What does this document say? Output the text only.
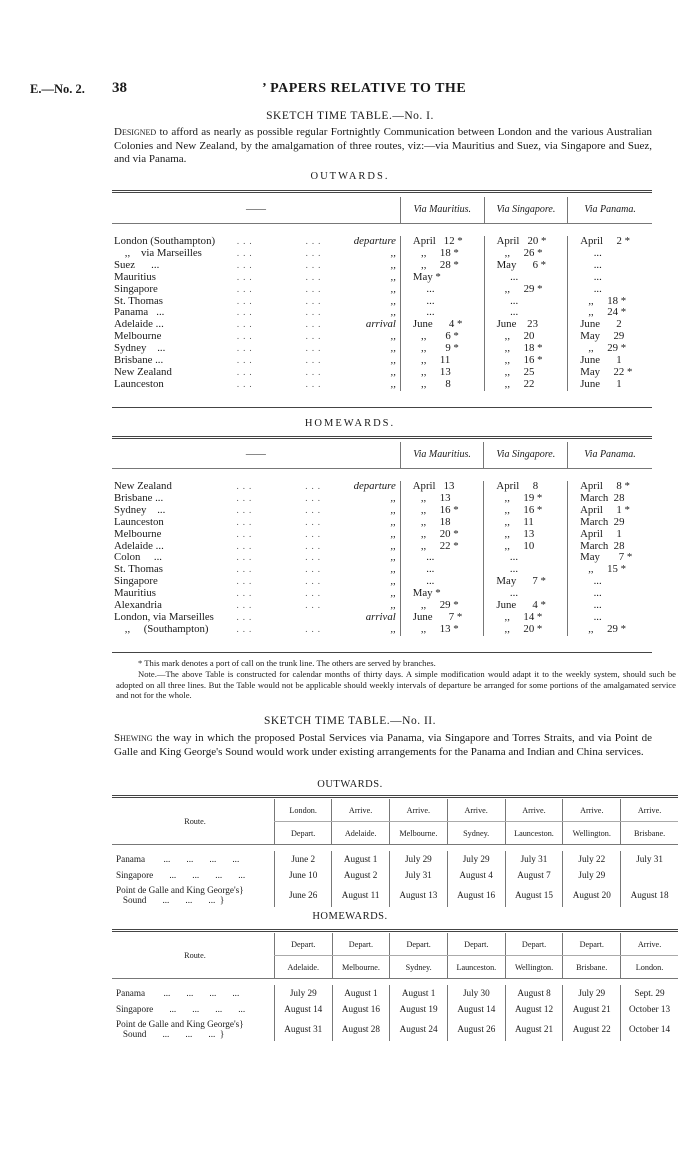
E.—No. 2. 38	’ PAPERS RELATIVE TO THE
SKETCH TIME TABLE.—No. I.
Designed to afford as nearly as possible regular Fortnightly Communication between London and the various Australian Colonies and New Zealand, by the amalgamation of three routes, viz:—via Mauritius and Suez, via Singapore and Suez, and via Panama.
OUTWARDS.
——			Via Mauritius.	Via Singapore.	Via Panama.

London (Southampton)	...        ...	departure	April   12 *	April   20 *	April     2 *
,,    via Marseilles	...        ...	,,	,,     18 *	,,     26 *	...
Suez      ...	...        ...	,,	,,     28 *	May      6 *	...
Mauritius	...        ...	,,	May *	...	...
Singapore	...        ...	,,	...	,,     29 *	...
St. Thomas	...        ...	,,	...	...	,,     18 *
Panama   ...	...        ...	,,	...	...	,,     24 *
Adelaide ...	...        ...	arrival	June      4 *	June    23	June      2
Melbourne	...        ...	,,	,,       6 *	,,     20	May     29
Sydney    ...	...        ...	,,	,,       9 *	,,     18 *	,,     29 *
Brisbane ...	...        ...	,,	,,     11	,,     16 *	June      1
New Zealand	...        ...	,,	,,     13	,,     25	May     22 *
Launceston	...        ...	,,	,,       8	,,     22	June      1
HOMEWARDS.
——			Via Mauritius.	Via Singapore.	Via Panama.

New Zealand	...        ...	departure	April   13	April     8	April     8 *
Brisbane ...	...        ...	,,	,,     13	,,     19 *	March  28
Sydney    ...	...        ...	,,	,,     16 *	,,     16 *	April     1 *
Launceston	...        ...	,,	,,     18	,,     11	March  29
Melbourne	...        ...	,,	,,     20 *	,,     13	April     1
Adelaide ...	...        ...	,,	,,     22 *	,,     10	March  28
Colon     ...	...        ...	,,	...	...	May       7 *
St. Thomas	...        ...	,,	...	...	,,     15 *
Singapore	...        ...	,,	...	May      7 *	...
Mauritius	...        ...	,,	May *	...	...
Alexandria	...        ...	,,	,,     29 *	June      4 *	...
London, via Marseilles	...	arrival	June      7 *	,,     14 *	...
,,     (Southampton)	...        ...	,,	,,     13 *	,,     20 *	,,     29 *
* This mark denotes a port of call on the trunk line. The others are served by branches.
Note.—The above Table is constructed for calendar months of thirty days. A simple modification would adapt it to the weekly system, should such be adopted on all three lines. But the Table would not be applicable should weekly intervals of departure be arranged for some portions of the amalgamated service and not for the whole.
SKETCH TIME TABLE.—No. II.
Shewing the way in which the proposed Postal Services via Panama, via Singapore and Torres Straits, and via Point de Galle and King George's Sound would work under existing arrangements for the Panama and Indian and China services.
OUTWARDS.
Route.	London.	Arrive.	Arrive.	Arrive.	Arrive.	Arrive.	Arrive.
	Depart.	Adelaide.	Melbourne.	Sydney.	Launceston.	Wellington.	Brisbane.

Panama        ...       ...       ...       ...	June 2	August 1	July 29	July 29	July 31	July 22	July 31

Singapore       ...       ...       ...       ...	June 10	August 2	July 31	August 4	August 7	July 29	

Point de Galle and King George's}
Sound       ...       ...       ...  }	June 26	August 11	August 13	August 16	August 15	August 20	August 18
HOMEWARDS.
Route.	Depart.	Depart.	Depart.	Depart.	Depart.	Depart.	Arrive.
	Adelaide.	Melbourne.	Sydney.	Launceston.	Wellington.	Brisbane.	London.

Panama        ...       ...       ...       ...	July 29	August 1	August 1	July 30	August 8	July 29	Sept. 29

Singapore       ...       ...       ...       ...	August 14	August 16	August 19	August 14	August 12	August 21	October 13

Point de Galle and King George's}
Sound       ...       ...       ...  }	August 31	August 28	August 24	August 26	August 21	August 22	October 14
